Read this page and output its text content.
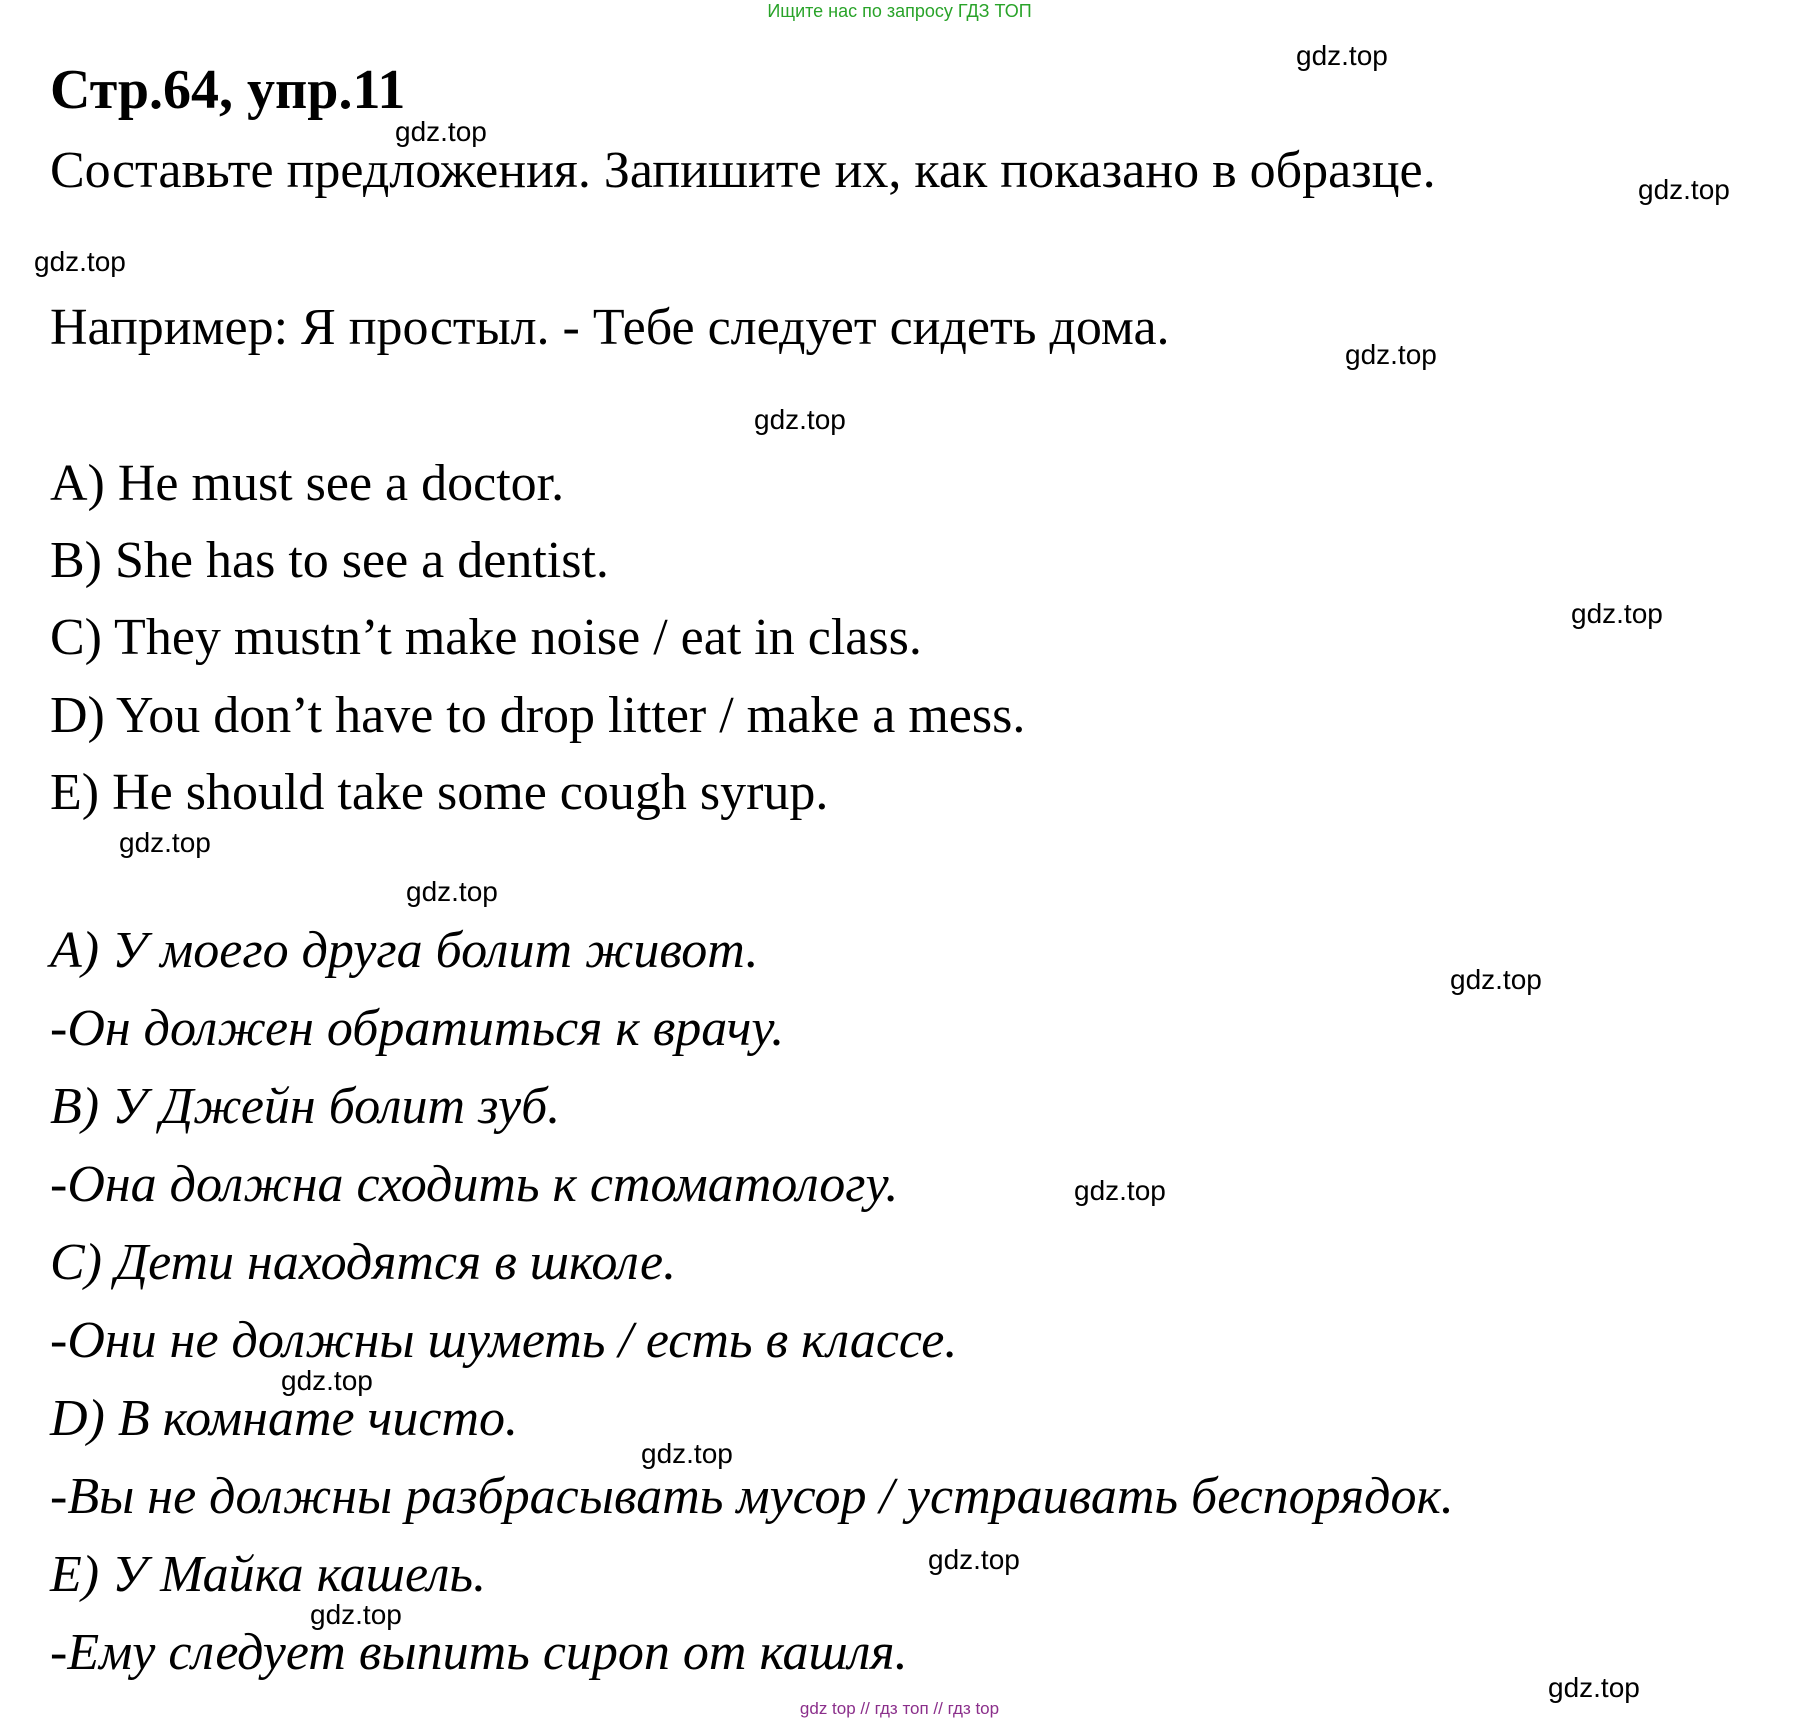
Ищите нас по запросу ГДЗ ТОП
Стр.64, упр.11
Составьте предложения. Запишите их, как показано в образце.
Например: Я простыл. - Тебе следует сидеть дома.
A) He must see a doctor.
B) She has to see a dentist.
C) They mustn’t make noise / eat in class.
D) You don’t have to drop litter / make a mess.
E) He should take some cough syrup.
A) У моего друга болит живот.
-Он должен обратиться к врачу.
B) У Джейн болит зуб.
-Она должна сходить к стоматологу.
C) Дети находятся в школе.
-Они не должны шуметь / есть в классе.
D) В комнате чисто.
-Вы не должны разбрасывать мусор / устраивать беспорядок.
E) У Майка кашель.
-Ему следует выпить сироп от кашля.
gdz.top
gdz.top
gdz.top
gdz.top
gdz.top
gdz.top
gdz.top
gdz.top
gdz.top
gdz.top
gdz.top
gdz.top
gdz.top
gdz.top
gdz.top
gdz.top
gdz top // гдз топ // гдз top
